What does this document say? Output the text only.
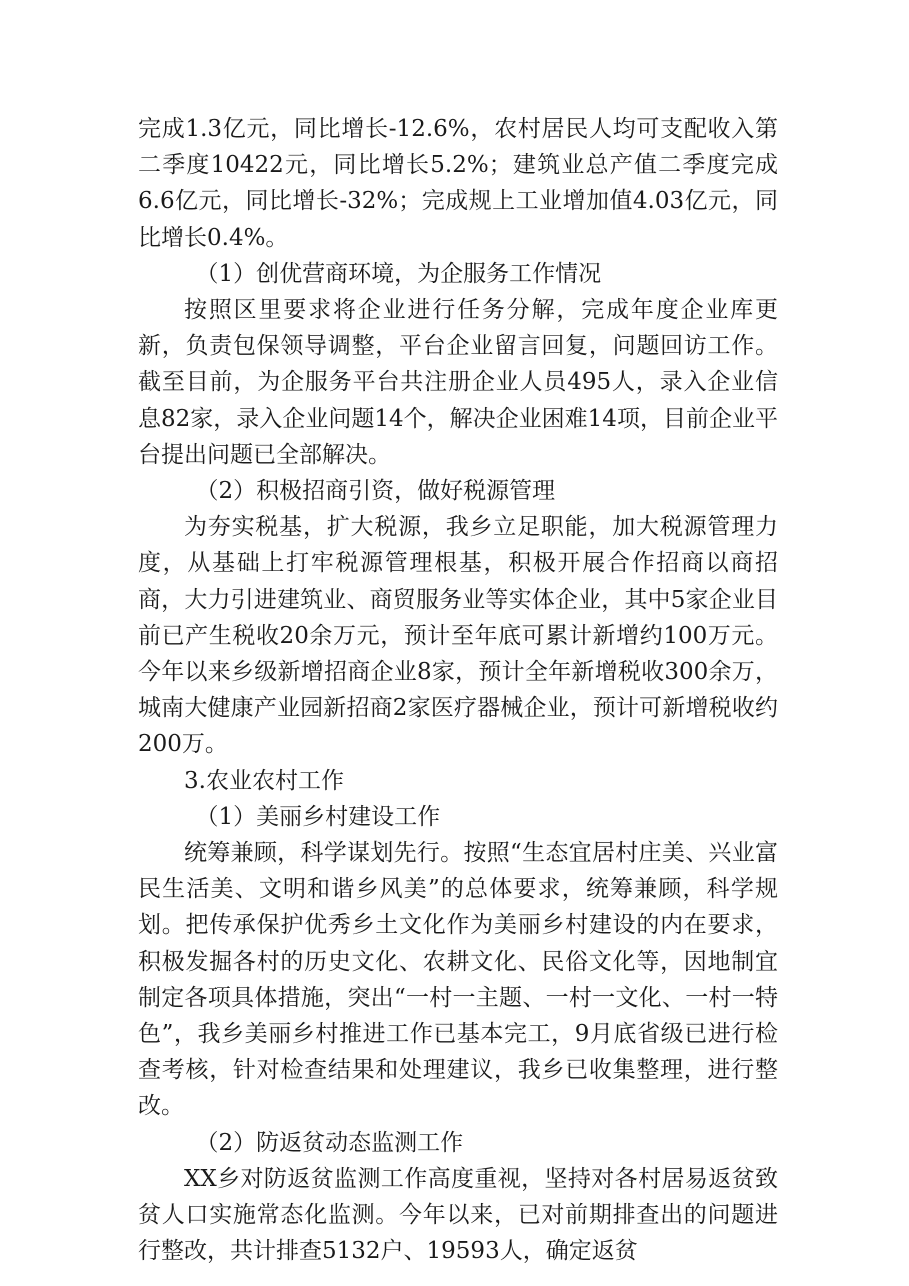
完成1.3亿元，同比增长-12.6%，农村居民人均可支配收入第二季度10422元，同比增长5.2%；建筑业总产值二季度完成6.6亿元，同比增长-32%；完成规上工业增加值4.03亿元，同比增长0.4%。

（1）创优营商环境，为企服务工作情况

按照区里要求将企业进行任务分解，完成年度企业库更新，负责包保领导调整，平台企业留言回复，问题回访工作。截至目前，为企服务平台共注册企业人员495人，录入企业信息82家，录入企业问题14个，解决企业困难14项，目前企业平台提出问题已全部解决。

（2）积极招商引资，做好税源管理

为夯实税基，扩大税源，我乡立足职能，加大税源管理力度，从基础上打牢税源管理根基，积极开展合作招商以商招商，大力引进建筑业、商贸服务业等实体企业，其中5家企业目前已产生税收20余万元，预计至年底可累计新增约100万元。今年以来乡级新增招商企业8家，预计全年新增税收300余万，城南大健康产业园新招商2家医疗器械企业，预计可新增税收约200万。

3.农业农村工作

（1）美丽乡村建设工作

统筹兼顾，科学谋划先行。按照“生态宜居村庄美、兴业富民生活美、文明和谐乡风美”的总体要求，统筹兼顾，科学规划。把传承保护优秀乡土文化作为美丽乡村建设的内在要求，积极发掘各村的历史文化、农耕文化、民俗文化等，因地制宜制定各项具体措施，突出“一村一主题、一村一文化、一村一特色”，我乡美丽乡村推进工作已基本完工，9月底省级已进行检查考核，针对检查结果和处理建议，我乡已收集整理，进行整改。

（2）防返贫动态监测工作

XX乡对防返贫监测工作高度重视，坚持对各村居易返贫致贫人口实施常态化监测。今年以来，已对前期排查出的问题进行整改，共计排查5132户、19593人，确定返贫
